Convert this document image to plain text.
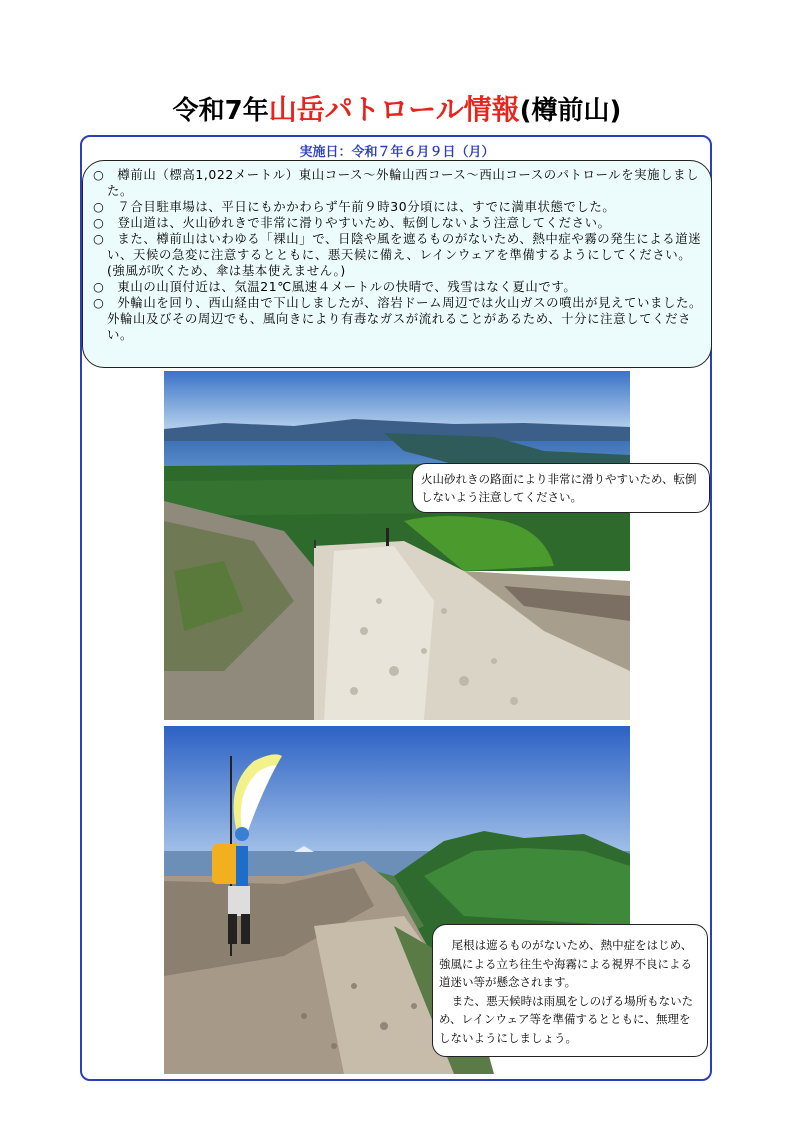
令和7年山岳パトロール情報(樽前山)
実施日：令和７年６月９日（月）

○　樽前山（標高1,022メートル）東山コース～外輪山西コース～西山コースのパトロールを実施しました。

○　７合目駐車場は、平日にもかかわらず午前９時30分頃には、すでに満車状態でした。

○　登山道は、火山砂れきで非常に滑りやすいため、転倒しないよう注意してください。

○　また、樽前山はいわゆる「裸山」で、日陰や風を遮るものがないため、熱中症や霧の発生による道迷い、天候の急変に注意するとともに、悪天候に備え、レインウェアを準備するようにしてください。(強風が吹くため、傘は基本使えません。)

○　東山の山頂付近は、気温21℃風速４メートルの快晴で、残雪はなく夏山です。

○　外輪山を回り、西山経由で下山しましたが、溶岩ドーム周辺では火山ガスの噴出が見えていました。

外輪山及びその周辺でも、風向きにより有毒なガスが流れることがあるため、十分に注意してください。

火山砂れきの路面により非常に滑りやすいため、転倒しないよう注意してください。

尾根は遮るものがないため、熱中症をはじめ、強風による立ち往生や海霧による視界不良による道迷い等が懸念されます。

また、悪天候時は雨風をしのげる場所もないため、レインウェア等を準備するとともに、無理をしないようにしましょう。
